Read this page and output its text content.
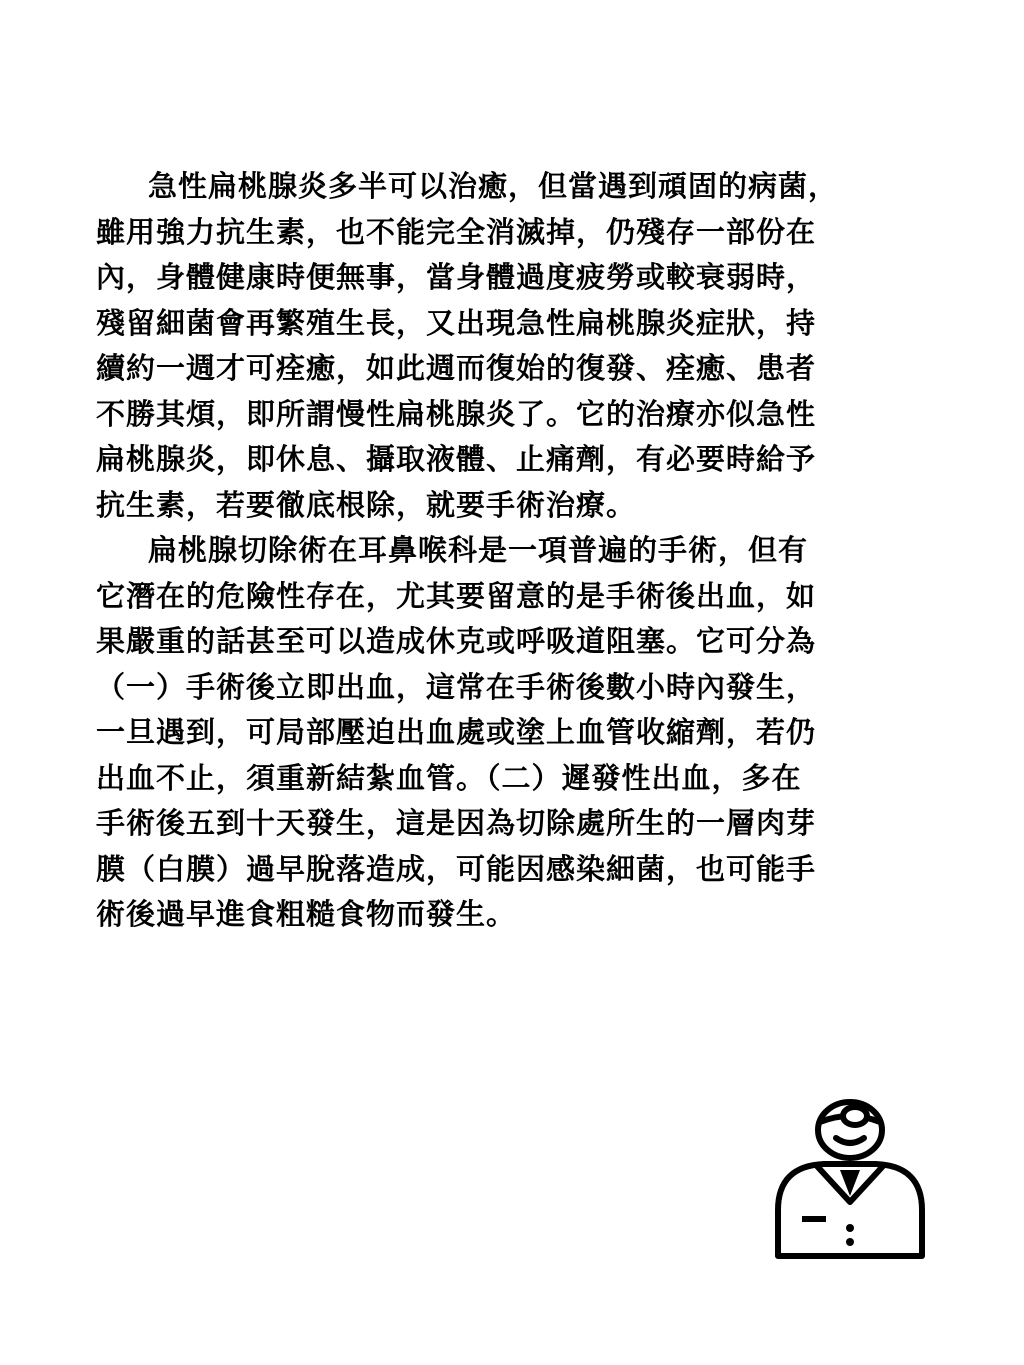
急性扁桃腺炎多半可以治癒，但當遇到頑固的病菌，
雖用強力抗生素，也不能完全消滅掉，仍殘存一部份在
內，身體健康時便無事，當身體過度疲勞或較衰弱時，
殘留細菌會再繁殖生長，又出現急性扁桃腺炎症狀，持
續約一週才可痊癒，如此週而復始的復發、痊癒、患者
不勝其煩，即所謂慢性扁桃腺炎了。它的治療亦似急性
扁桃腺炎，即休息、攝取液體、止痛劑，有必要時給予
抗生素，若要徹底根除，就要手術治療。
扁桃腺切除術在耳鼻喉科是一項普遍的手術，但有
它潛在的危險性存在，尤其要留意的是手術後出血，如
果嚴重的話甚至可以造成休克或呼吸道阻塞。它可分為
（一）手術後立即出血，這常在手術後數小時內發生，
一旦遇到，可局部壓迫出血處或塗上血管收縮劑，若仍
出血不止，須重新結紮血管。（二）遲發性出血，多在
手術後五到十天發生，這是因為切除處所生的一層肉芽
膜（白膜）過早脫落造成，可能因感染細菌，也可能手
術後過早進食粗糙食物而發生。
